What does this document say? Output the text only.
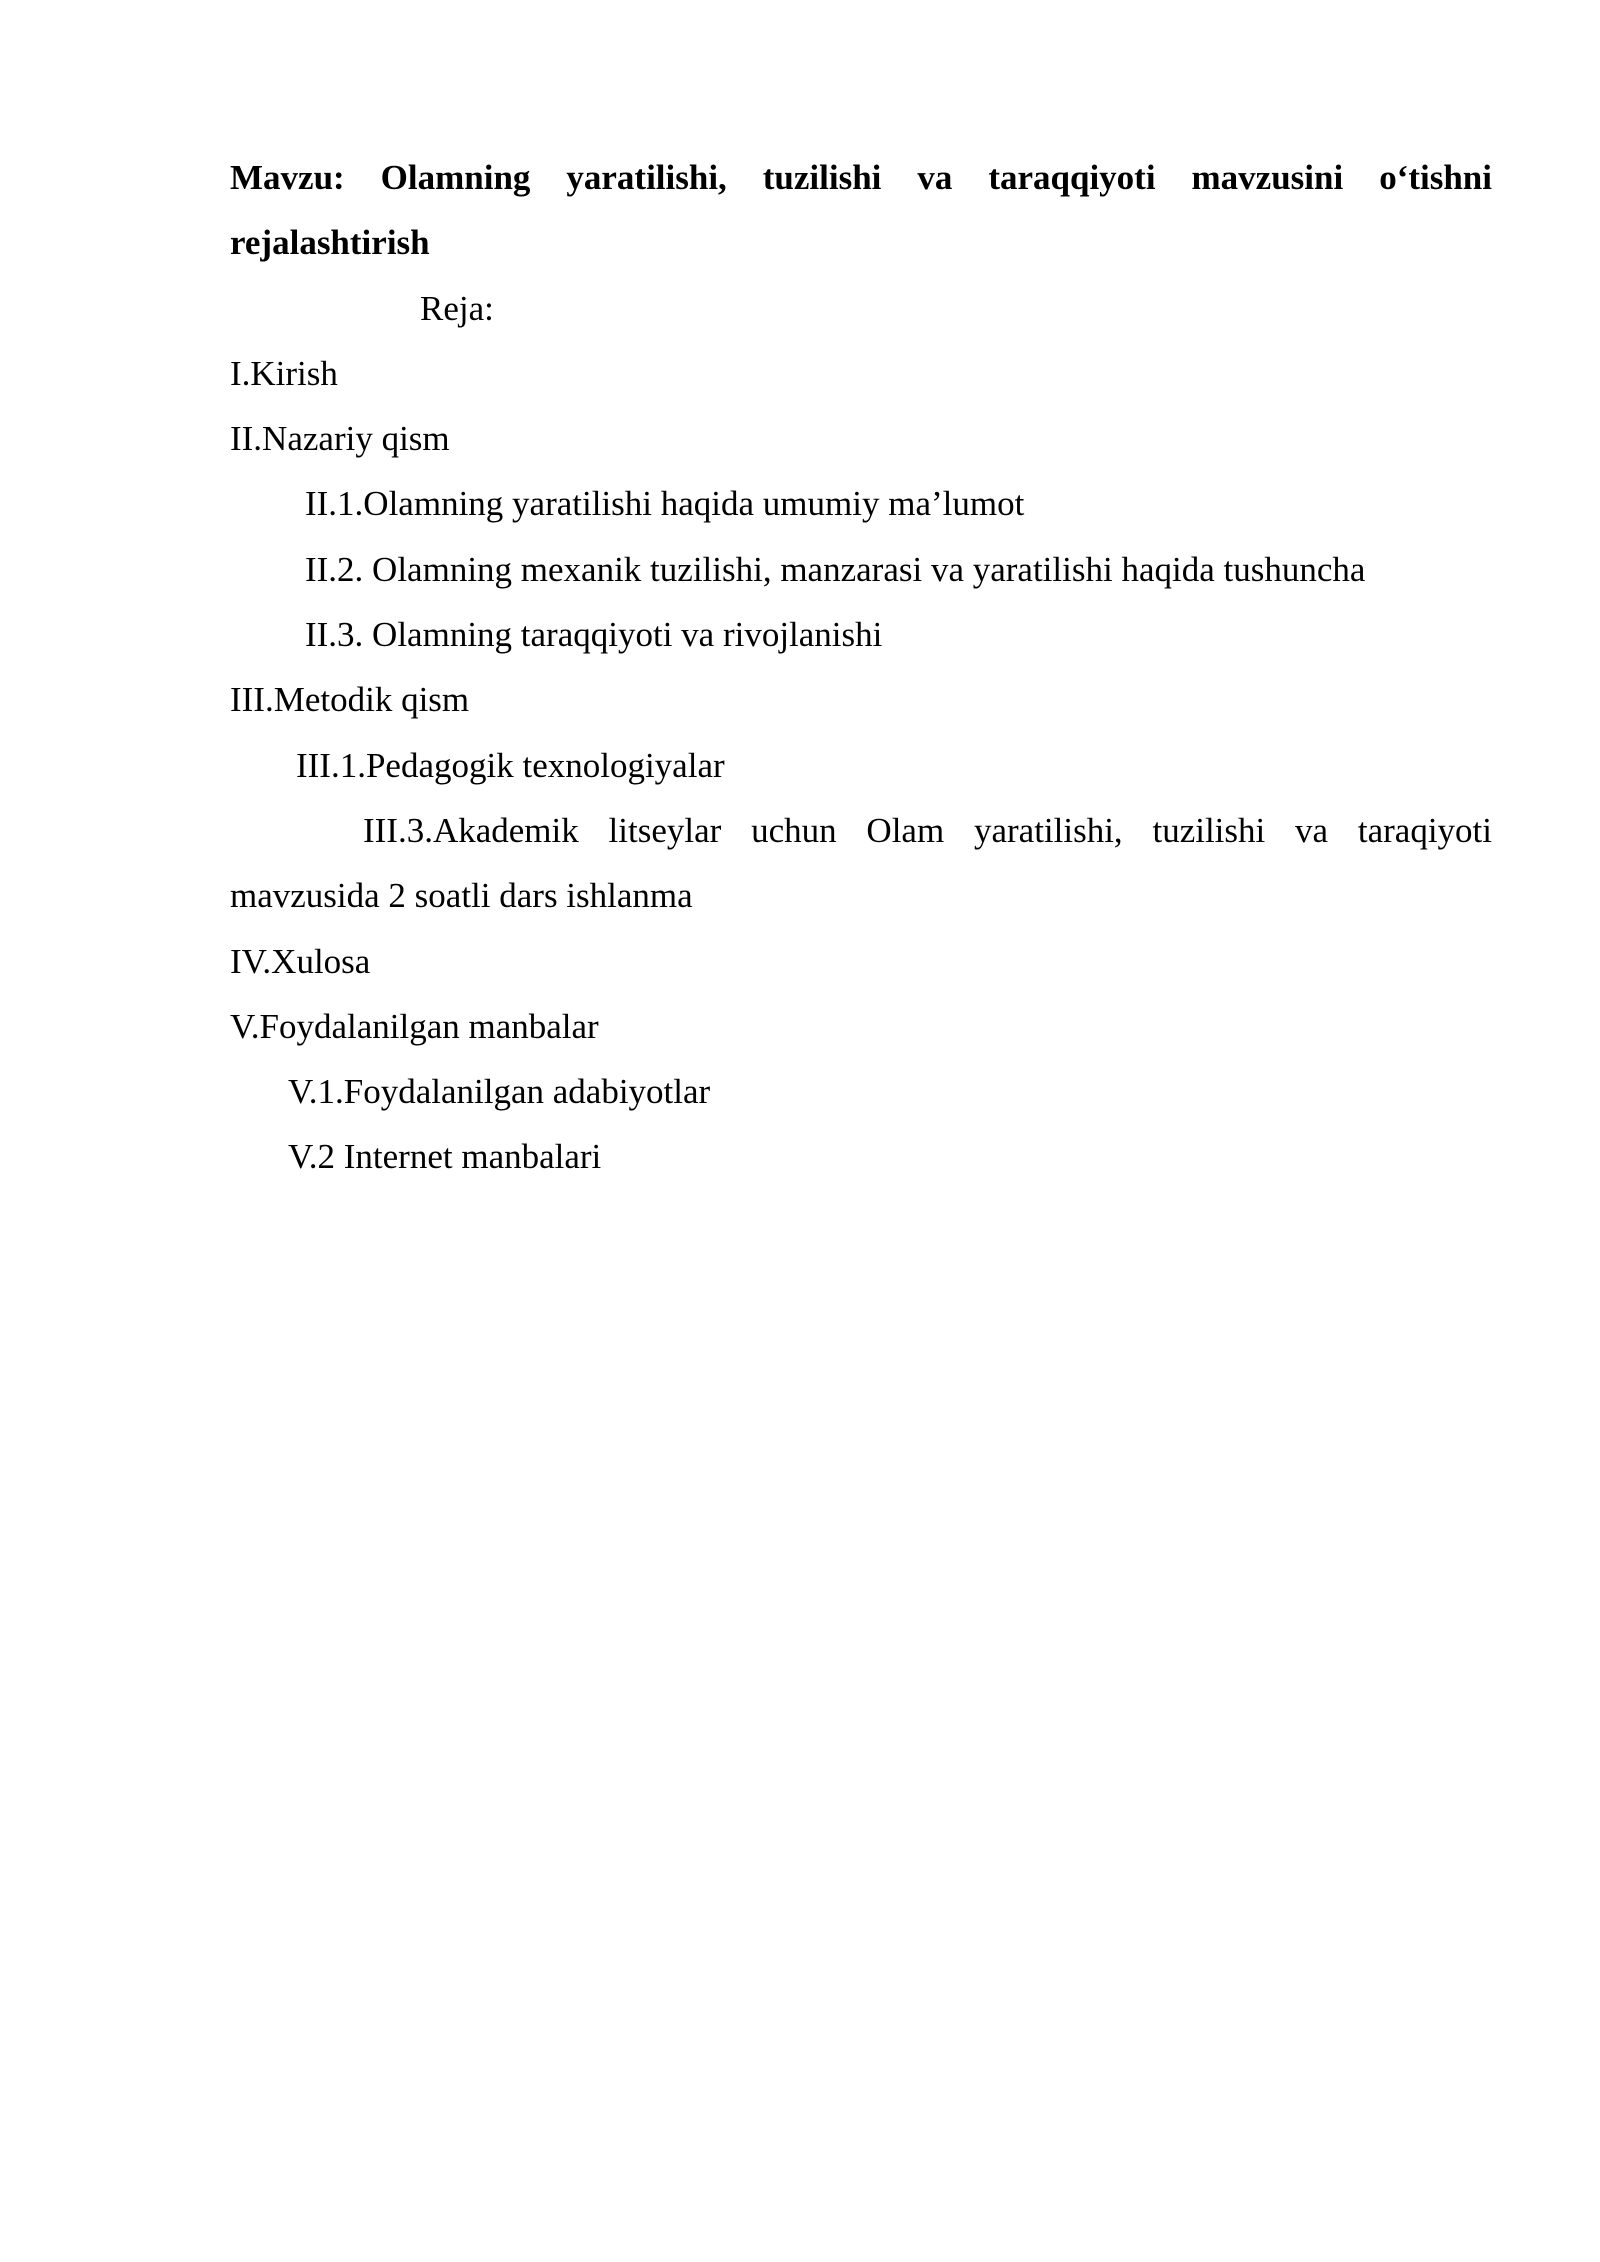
Mavzu: Olamning yaratilishi, tuzilishi va taraqqiyoti mavzusini o‘tishni rejalashtirish

Reja:

I.Kirish

II.Nazariy qism

II.1.Olamning yaratilishi haqida umumiy ma’lumot

II.2. Olamning mexanik tuzilishi, manzarasi va yaratilishi haqida tushuncha

II.3. Olamning taraqqiyoti va rivojlanishi

III.Metodik qism

III.1.Pedagogik texnologiyalar

III.3.Akademik litseylar uchun Olam yaratilishi, tuzilishi va taraqiyoti mavzusida 2 soatli dars ishlanma

IV.Xulosa

V.Foydalanilgan manbalar

V.1.Foydalanilgan adabiyotlar

V.2 Internet manbalari
